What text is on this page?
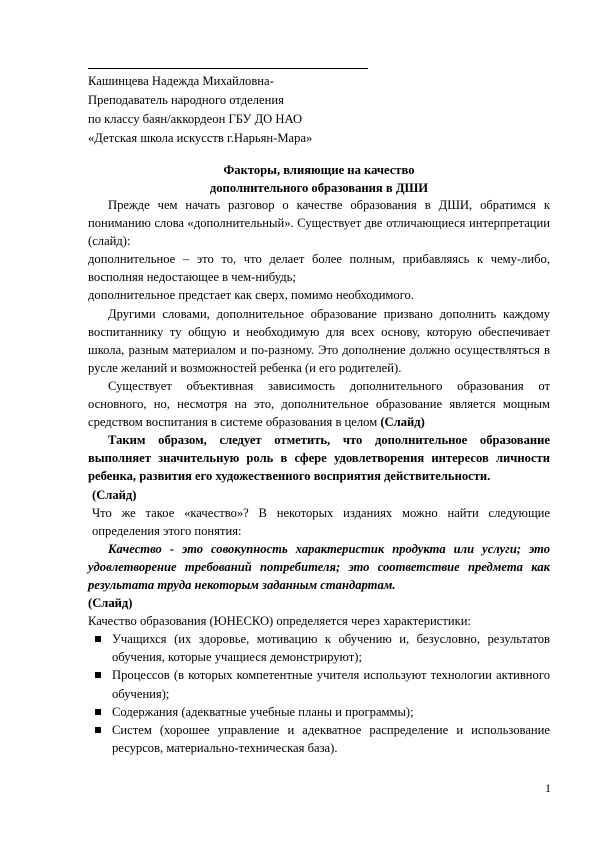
Кашинцева Надежда Михайловна-
Преподаватель народного отделения
по классу баян/аккордеон ГБУ ДО НАО
«Детская школа искусств г.Нарьян-Мара»
Факторы, влияющие на качество
дополнительного образования в ДШИ

Прежде чем начать разговор о качестве образования в ДШИ, обратимся к пониманию слова «дополнительный». Существует две отличающиеся интерпретации (слайд):

дополнительное – это то, что делает более полным, прибавляясь к чему-либо, восполняя недостающее в чем-нибудь;

дополнительное предстает как сверх, помимо необходимого.

Другими словами, дополнительное образование призвано дополнить каждому воспитаннику ту общую и необходимую для всех основу, которую обеспечивает школа, разным материалом и по-разному. Это дополнение должно осуществляться в русле желаний и возможностей ребенка (и его родителей).

Существует объективная зависимость дополнительного образования от основного, но, несмотря на это, дополнительное образование является мощным средством воспитания в системе образования в целом (Слайд)

Таким образом, следует отметить, что дополнительное образование выполняет значительную роль в сфере удовлетворения интересов личности ребенка, развития его художественного восприятия действительности.

(Слайд)

Что же такое «качество»? В некоторых изданиях можно найти следующие определения этого понятия:

Качество - это совокупность характеристик продукта или услуги; это удовлетворение требований потребителя; это соответствие предмета как результата труда некоторым заданным стандартам.

(Слайд)

Качество образования (ЮНЕСКО) определяется через характеристики:

Учащихся (их здоровье, мотивацию к обучению и, безусловно, результатов обучения, которые учащиеся демонстрируют);
Процессов (в которых компетентные учителя используют технологии активного обучения);
Содержания (адекватные учебные планы и программы);
Систем (хорошее управление и адекватное распределение и использование ресурсов, материально-техническая база).
1
